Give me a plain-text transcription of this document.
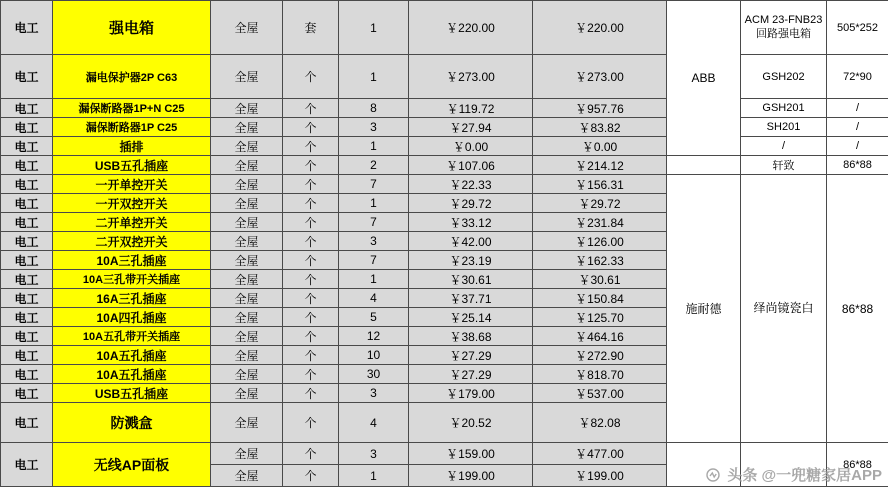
电工	强电箱	全屋	套	1	￥220.00	￥220.00	ABB	ACM 23-FNB23回路强电箱	505*252
电工	漏电保护器2P C63	全屋	个	1	￥273.00	￥273.00		GSH202	72*90
电工	漏保断路器1P+N C25	全屋	个	8	￥119.72	￥957.76		GSH201	/
电工	漏保断路器1P C25	全屋	个	3	￥27.94	￥83.82		SH201	/
电工	插排	全屋	个	1	￥0.00	￥0.00		/	/
电工	USB五孔插座	全屋	个	2	￥107.06	￥214.12		轩致	86*88
电工	一开单控开关	全屋	个	7	￥22.33	￥156.31	施耐德	绎尚镜瓷白	86*88
电工	一开双控开关	全屋	个	1	￥29.72	￥29.72			
电工	二开单控开关	全屋	个	7	￥33.12	￥231.84			
电工	二开双控开关	全屋	个	3	￥42.00	￥126.00			
电工	10A三孔插座	全屋	个	7	￥23.19	￥162.33			
电工	10A三孔带开关插座	全屋	个	1	￥30.61	￥30.61			
电工	16A三孔插座	全屋	个	4	￥37.71	￥150.84			
电工	10A四孔插座	全屋	个	5	￥25.14	￥125.70			
电工	10A五孔带开关插座	全屋	个	12	￥38.68	￥464.16			
电工	10A五孔插座	全屋	个	10	￥27.29	￥272.90			
电工	10A五孔插座	全屋	个	30	￥27.29	￥818.70			
电工	USB五孔插座	全屋	个	3	￥179.00	￥537.00			
电工	防溅盒	全屋	个	4	￥20.52	￥82.08			
电工	无线AP面板	全屋	个	3	￥159.00	￥477.00			86*88
		全屋	个	1	￥199.00	￥199.00				头条 @一兜糖家居APP
